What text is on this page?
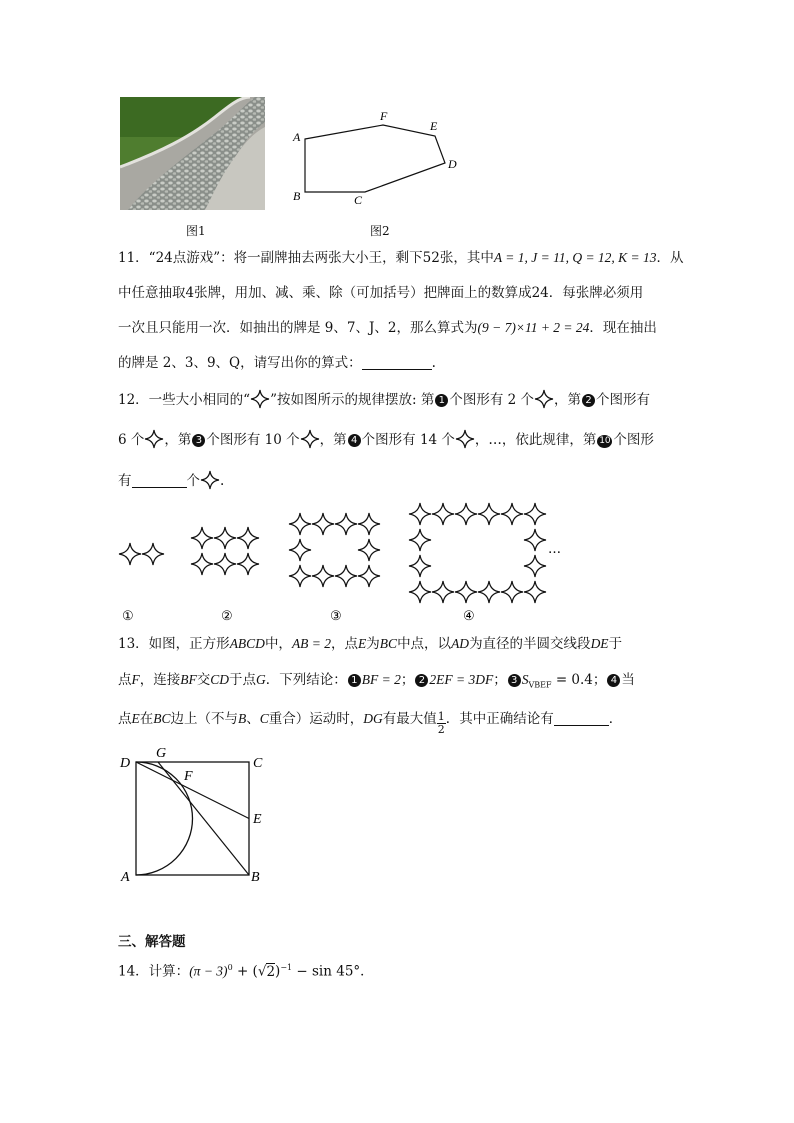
图1
A
F
E
D
C
B
图2
11．“24点游戏”：将一副牌抽去两张大小王，剩下52张，其中A = 1, J = 11, Q = 12, K = 13．从
中任意抽取4张牌，用加、减、乘、除（可加括号）把牌面上的数算成24．每张牌必须用
一次且只能用一次．如抽出的牌是 9、7、J、2，那么算式为(9 − 7)×11 + 2 = 24．现在抽出
的牌是 2、3、9、Q，请写出你的算式：	.
12．一些大小相同的“ ”按如图所示的规律摆放: 第 1 个图形有 2 个 ，第 2 个图形有
6 个 ，第 3 个图形有 10 个 ，第 4 个图形有 14 个 ，…，依此规律，第 10 个图形
有	个 .
…
①	②	③	④
13．如图，正方形ABCD中，AB = 2，点E为BC中点，以AD为直径的半圆交线段DE于
点F，连接BF交CD于点G．下列结论： 1 BF = 2； 2 2EF = 3DF； 3 $S_{VBEF} = 0.4$； 4 当
点E在BC边上（不与B、C重合）运动时，DG有最大值 $\frac{1}{2}$ ．其中正确结论有	．
D
G
C
F
E
A	B
三、解答题
14．计算：$(\pi - 3)^0 + (√2)^{-1} - \sin 45^\circ$．
